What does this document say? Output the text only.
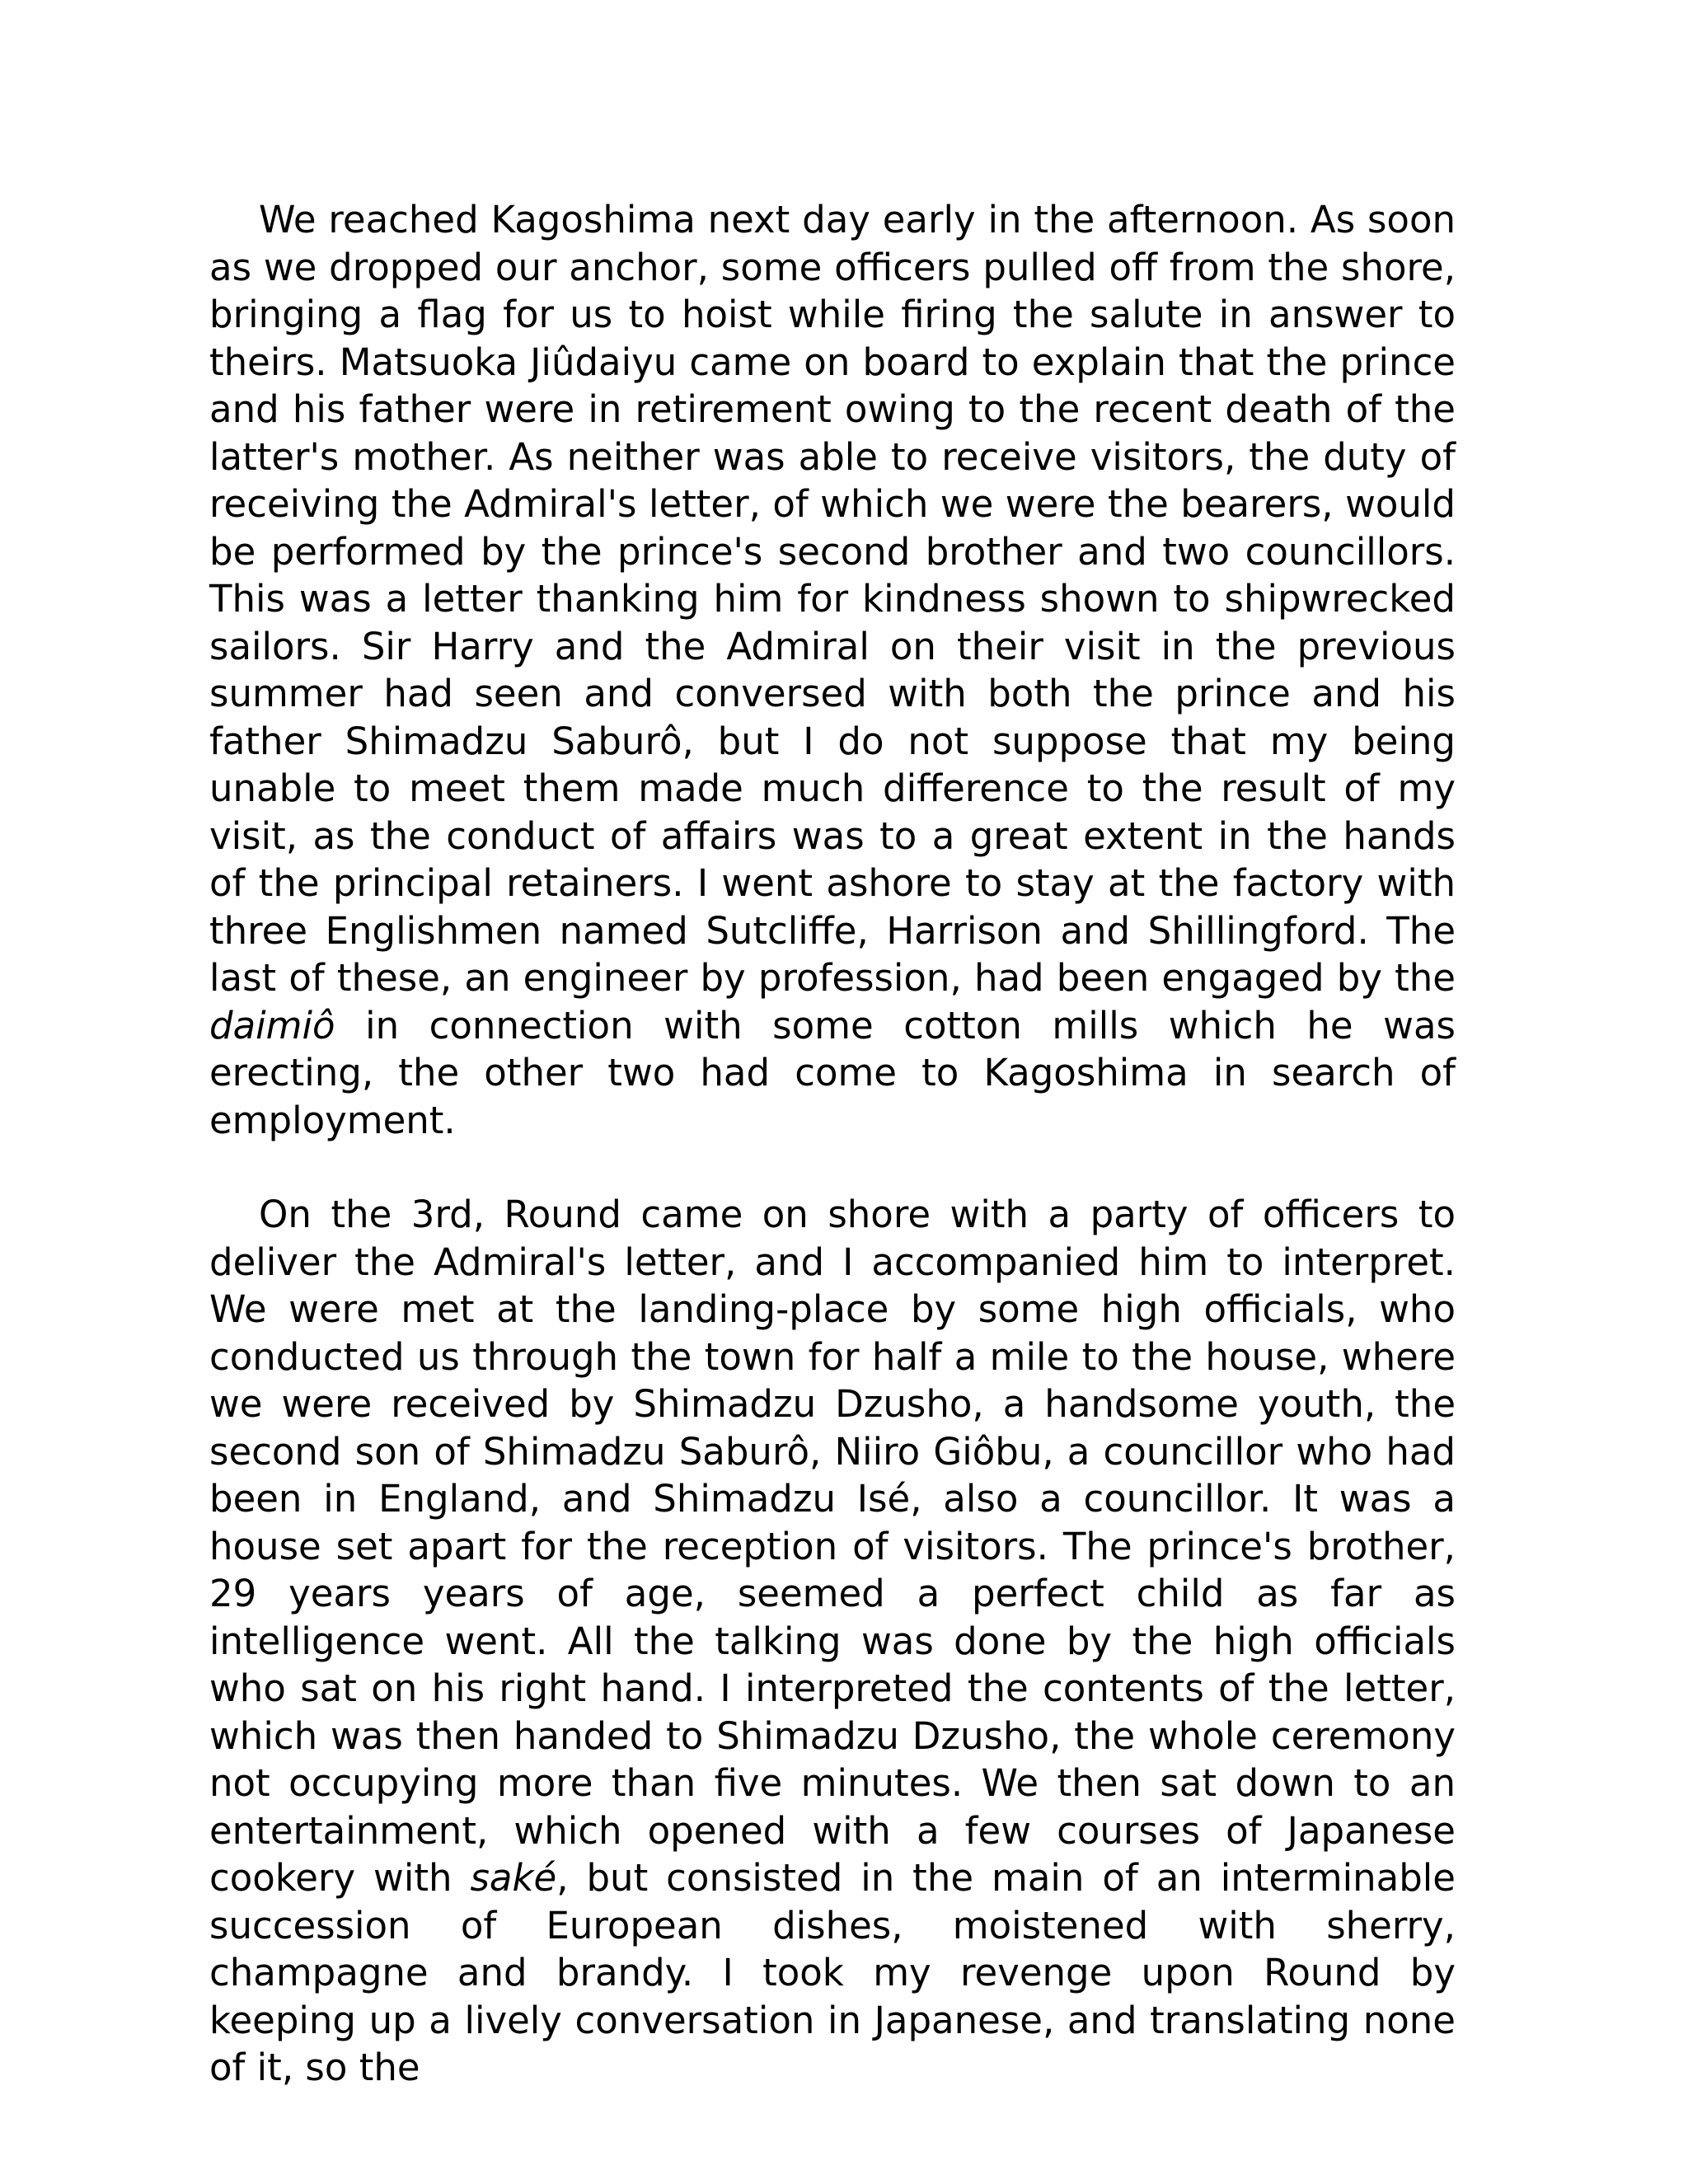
We reached Kagoshima next day early in the afternoon. As soon as we dropped our anchor, some officers pulled off from the shore, bringing a flag for us to hoist while firing the salute in answer to theirs. Matsuoka Jiûdaiyu came on board to explain that the prince and his father were in retirement owing to the recent death of the latter's mother. As neither was able to receive visitors, the duty of receiving the Admiral's letter, of which we were the bearers, would be performed by the prince's second brother and two councillors. This was a letter thanking him for kindness shown to shipwrecked sailors. Sir Harry and the Admiral on their visit in the previous summer had seen and conversed with both the prince and his father Shimadzu Saburô, but I do not suppose that my being unable to meet them made much difference to the result of my visit, as the conduct of affairs was to a great extent in the hands of the principal retainers. I went ashore to stay at the factory with three Englishmen named Sutcliffe, Harrison and Shillingford. The last of these, an engineer by profession, had been engaged by the daimiô in connection with some cotton mills which he was erecting, the other two had come to Kagoshima in search of employment.

On the 3rd, Round came on shore with a party of officers to deliver the Admiral's letter, and I accompanied him to interpret. We were met at the landing-place by some high officials, who conducted us through the town for half a mile to the house, where we were received by Shimadzu Dzusho, a handsome youth, the second son of Shimadzu Saburô, Niiro Giôbu, a councillor who had been in England, and Shimadzu Isé, also a councillor. It was a house set apart for the reception of visitors. The prince's brother, 29 years years of age, seemed a perfect child as far as intelligence went. All the talking was done by the high officials who sat on his right hand. I interpreted the contents of the letter, which was then handed to Shimadzu Dzusho, the whole ceremony not occupying more than five minutes. We then sat down to an entertainment, which opened with a few courses of Japanese cookery with saké, but consisted in the main of an interminable succession of European dishes, moistened with sherry, champagne and brandy. I took my revenge upon Round by keeping up a lively conversation in Japanese, and translating none of it, so the
